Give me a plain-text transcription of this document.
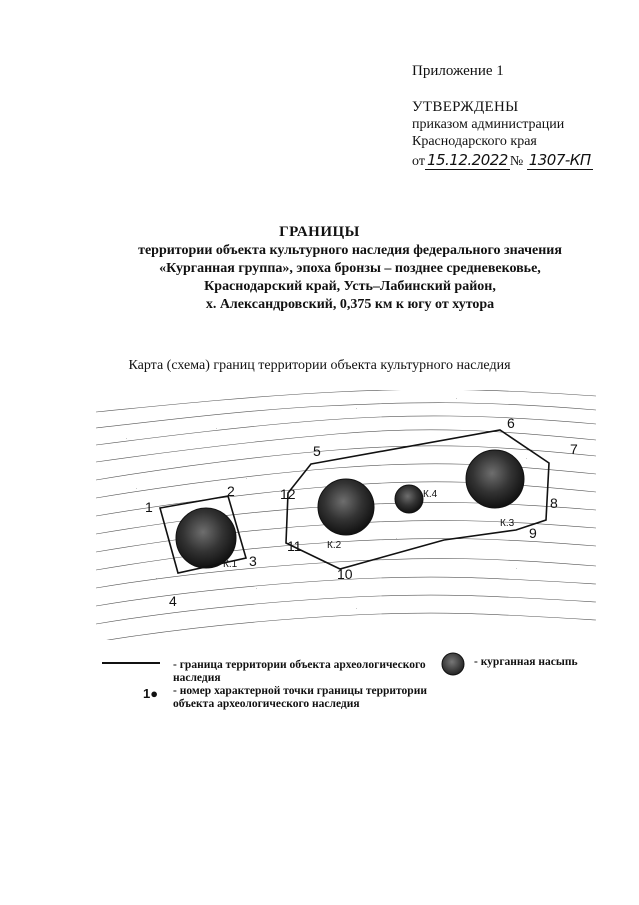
Приложение 1
УТВЕРЖДЕНЫ
приказом администрации
Краснодарского края
от 15.12.2022 № 1307-КП
ГРАНИЦЫ
территории объекта культурного наследия федерального значения
«Курганная группа», эпоха бронзы – позднее средневековье,
Краснодарский край, Усть–Лабинский район,
х. Александровский, 0,375 км к югу от хутора
Карта (схема) границ территории объекта культурного наследия
·
·
·
·
·
·
·
·
·
·
·
·
1
2
3
4
5
6
7
8
9
10
11
12
К.1
К.2
К.3
К.4
- граница территории объекта археологического
наследия
- курганная насыпь
1● - номер характерной точки границы территории
объекта археологического наследия
